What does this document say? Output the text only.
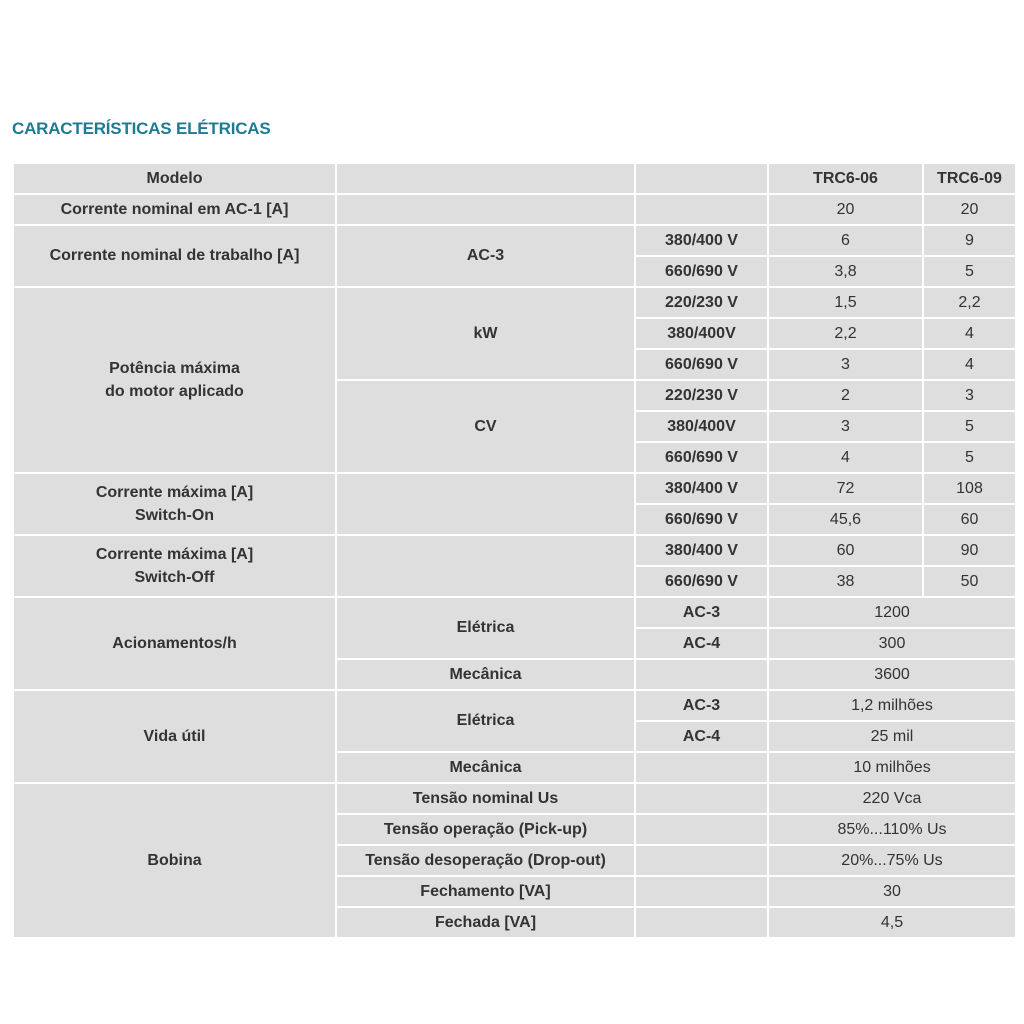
CARACTERÍSTICAS ELÉTRICAS
Modelo			TRC6-06	TRC6-09
Corrente nominal em AC-1 [A]			20	20
Corrente nominal de trabalho [A]	AC-3	380/400 V	6	9
		660/690 V	3,8	5
Potência máxima
do motor aplicado	kW	220/230 V	1,5	2,2
		380/400V	2,2	4
		660/690 V	3	4
	CV	220/230 V	2	3
		380/400V	3	5
		660/690 V	4	5
Corrente máxima [A]
Switch-On		380/400 V	72	108
		660/690 V	45,6	60
Corrente máxima [A]
Switch-Off		380/400 V	60	90
		660/690 V	38	50
Acionamentos/h	Elétrica	AC-3	1200	
		AC-4	300	
	Mecânica		3600	
Vida útil	Elétrica	AC-3	1,2 milhões	
		AC-4	25 mil	
	Mecânica		10 milhões	
Bobina	Tensão nominal Us		220 Vca	
	Tensão operação (Pick-up)		85%...110% Us	
	Tensão desoperação (Drop-out)		20%...75% Us	
	Fechamento [VA]		30	
	Fechada [VA]		4,5	
